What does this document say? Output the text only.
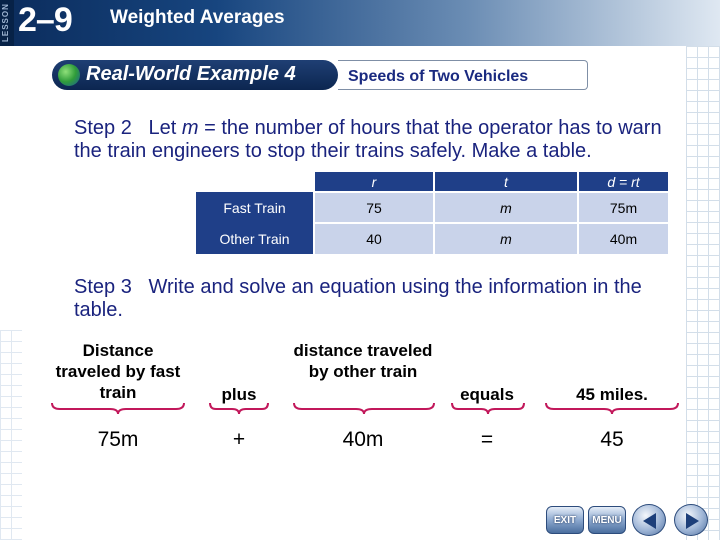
LESSON 2–9 Weighted Averages
Real-World Example 4	Speeds of Two Vehicles
Step 2 Let m = the number of hours that the operator has to warn the train engineers to stop their trains safely. Make a table.
	r	t	d = rt
Fast Train	75	m	75m
Other Train	40	m	40m
Step 3 Write and solve an equation using the information in the table.
Distance traveled by fast train	plus
distance traveled by other train
equals	45 miles.
75m	+	40m	=	45
EXIT	MENU
